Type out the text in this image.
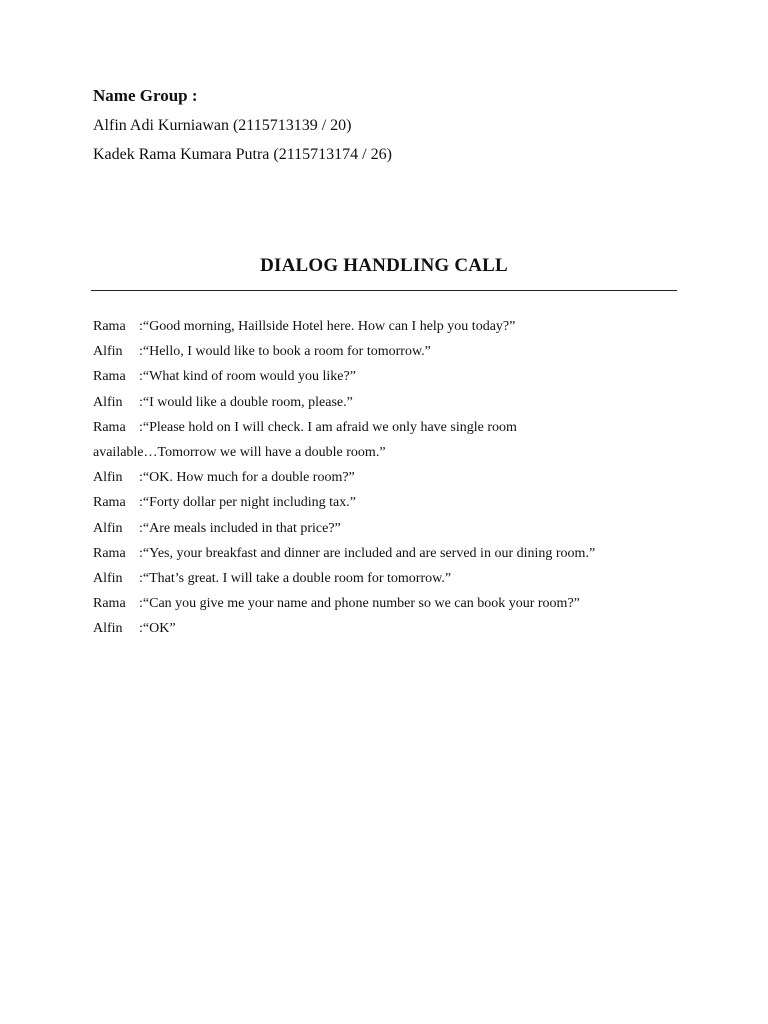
Name Group :

Alfin Adi Kurniawan (2115713139 / 20)

Kadek Rama Kumara Putra (2115713174 / 26)

DIALOG HANDLING CALL
Rama :“Good morning, Haillside Hotel here. How can I help you today?”
Alfin :“Hello, I would like to book a room for tomorrow.”
Rama :“What kind of room would you like?”
Alfin :“I would like a double room, please.”
Rama :“Please hold on I will check. I am afraid we only have single room
available…Tomorrow we will have a double room.”
Alfin :“OK. How much for a double room?”
Rama :“Forty dollar per night including tax.”
Alfin :“Are meals included in that price?”
Rama :“Yes, your breakfast and dinner are included and are served in our dining room.”
Alfin :“That’s great. I will take a double room for tomorrow.”
Rama :“Can you give me your name and phone number so we can book your room?”
Alfin :“OK”
